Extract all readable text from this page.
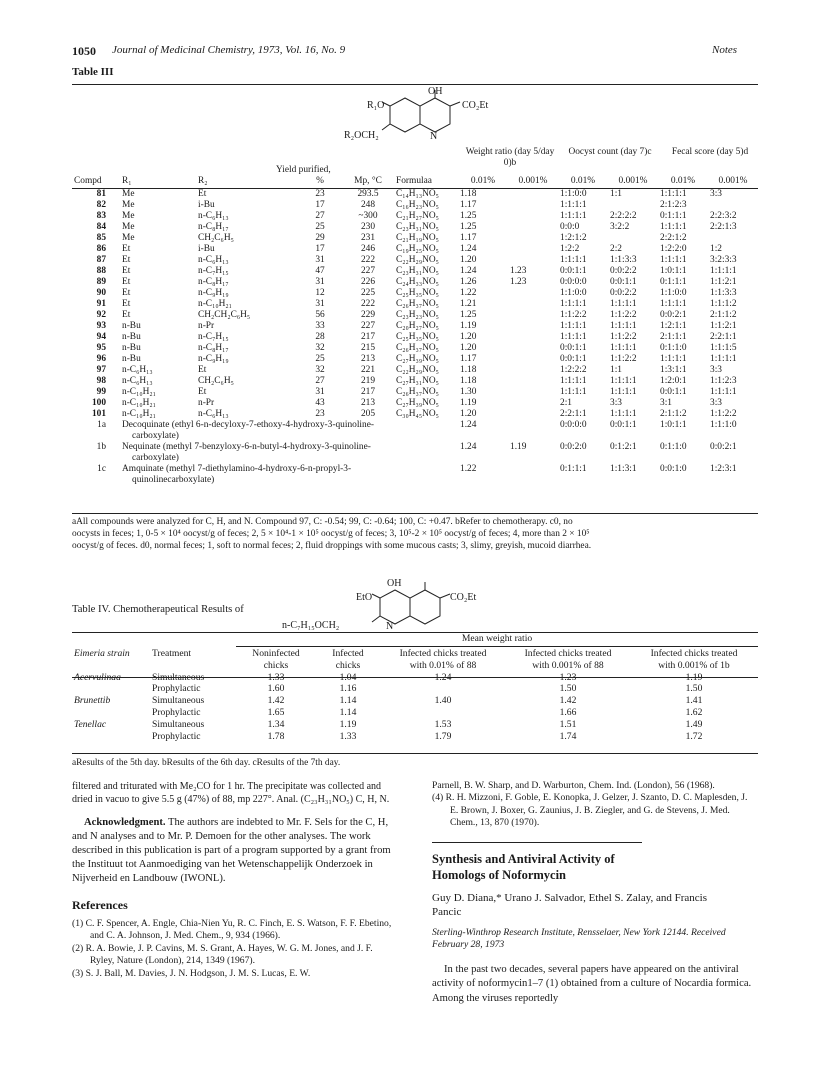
1050 Journal of Medicinal Chemistry, 1973, Vol. 16, No. 9	Notes
Table III
OH
R₁O	CO₂Et
R₂OCH₂	N
Yield purified,
Weight ratio (day 5/day 0)b
Oocyst count (day 7)c	Fecal score (day 5)d
Compd	R₁	R₂	%	Mp, °C	Formulaa	0.01%	0.001%	0.01%	0.001%	0.01%	0.001%
81	Me	Et	23	293.5	C₁₄H₁₃NO₅	1.18		1:1:0:0	1:1	1:1:1:1	3:3
82	Me	i-Bu	17	248	C₁₆H₂₃NO₅	1.17		1:1:1:1		2:1:2:3	
83	Me	n-C₆H₁₃	27	~300	C₂₁H₂₇NO₅	1.25		1:1:1:1	2:2:2:2	0:1:1:1	2:2:3:2
84	Me	n-C₈H₁₇	25	230	C₂₃H₃₁NO₅	1.25		0:0:0	3:2:2	1:1:1:1	2:2:1:3
85	Me	CH₂C₆H₅	29	231	C₂₁H₁₉NO₅	1.17		1:2:1:2		2:2:1:2	
86	Et	i-Bu	17	246	C₁₉H₂₅NO₅	1.24		1:2:2	2:2	1:2:2:0	1:2
87	Et	n-C₆H₁₃	31	222	C₂₂H₂₉NO₅	1.20		1:1:1:1	1:1:3:3	1:1:1:1	3:2:3:3
88	Et	n-C₇H₁₅	47	227	C₂₃H₃₁NO₅	1.24	1.23	0:0:1:1	0:0:2:2	1:0:1:1	1:1:1:1
89	Et	n-C₈H₁₇	31	226	C₂₄H₃₃NO₅	1.26	1.23	0:0:0:0	0:0:1:1	0:1:1:1	1:1:2:1
90	Et	n-C₉H₁₉	12	225	C₂₅H₃₅NO₅	1.22		1:1:0:0	0:0:2:2	1:1:0:0	1:1:3:3
91	Et	n-C₁₀H₂₁	31	222	C₂₆H₃₇NO₅	1.21		1:1:1:1	1:1:1:1	1:1:1:1	1:1:1:2
92	Et	CH₂CH₂C₆H₅	56	229	C₂₃H₂₃NO₅	1.25		1:1:2:2	1:1:2:2	0:0:2:1	2:1:1:2
93	n-Bu	n-Pr	33	227	C₂₀H₂₇NO₅	1.19		1:1:1:1	1:1:1:1	1:2:1:1	1:1:2:1
94	n-Bu	n-C₇H₁₅	28	217	C₂₅H₃₅NO₅	1.20		1:1:1:1	1:1:2:2	2:1:1:1	2:2:1:1
95	n-Bu	n-C₈H₁₇	32	215	C₂₆H₃₇NO₅	1.20		0:0:1:1	1:1:1:1	0:1:1:0	1:1:1:5
96	n-Bu	n-C₉H₁₉	25	213	C₂₇H₃₉NO₅	1.17		0:0:1:1	1:1:2:2	1:1:1:1	1:1:1:1
97	n-C₆H₁₃	Et	32	221	C₂₂H₂₉NO₅	1.18		1:2:2:2	1:1	1:3:1:1	3:3
98	n-C₆H₁₃	CH₂C₆H₅	27	219	C₂₇H₃₁NO₅	1.18		1:1:1:1	1:1:1:1	1:2:0:1	1:1:2:3
99	n-C₁₀H₂₁	Et	31	217	C₂₆H₃₇NO₅	1.30		1:1:1:1	1:1:1:1	0:0:1:1	1:1:1:1
100	n-C₁₀H₂₁	n-Pr	43	213	C₂₇H₃₉NO₅	1.19		2:1	3:3	3:1	3:3
101	n-C₁₀H₂₁	n-C₆H₁₃	23	205	C₃₀H₄₅NO₅	1.20		2:2:1:1	1:1:1:1	2:1:1:2	1:1:2:2
1a	Decoquinate (ethyl 6-n-decyloxy-7-ethoxy-4-hydroxy-3-quinoline-
carboxylate)					1.24		0:0:0:0	0:0:1:1	1:0:1:1	1:1:1:0
1b	Nequinate (methyl 7-benzyloxy-6-n-butyl-4-hydroxy-3-quinoline-
carboxylate)					1.24	1.19	0:0:2:0	0:1:2:1	0:1:1:0	0:0:2:1
1c	Amquinate (methyl 7-diethylamino-4-hydroxy-6-n-propyl-3-
quinolinecarboxylate)					1.22		0:1:1:1	1:1:3:1	0:0:1:0	1:2:3:1
aAll compounds were analyzed for C, H, and N. Compound 97, C: -0.54; 99, C: -0.64; 100, C: +0.47. bRefer to chemotherapy. c0, no
oocysts in feces; 1, 0-5 × 10⁴ oocyst/g of feces; 2, 5 × 10⁴-1 × 10⁵ oocyst/g of feces; 3, 10⁵-2 × 10⁵ oocyst/g of feces; 4, more than 2 × 10⁵
oocyst/g of feces. d0, normal feces; 1, soft to normal feces; 2, fluid droppings with some mucous casts; 3, slimy, greyish, mucoid diarrhea.
OH
EtO	CO₂Et
n-C₇H₁₅OCH₂	N
Table IV. Chemotherapeutical Results of
Mean weight ratio
Eimeria strain	Treatment	Noninfected	Infected	Infected chicks treated	Infected chicks treated	Infected chicks treated
		chicks	chicks	with 0.01% of 88	with 0.001% of 88	with 0.001% of 1b
Acervulinaa	Simultaneous	1.33	1.04	1.24	1.23	1.19
	Prophylactic	1.60	1.16		1.50	1.50
Brunettib	Simultaneous	1.42	1.14	1.40	1.42	1.41
	Prophylactic	1.65	1.14		1.66	1.62
Tenellac	Simultaneous	1.34	1.19	1.53	1.51	1.49
	Prophylactic	1.78	1.33	1.79	1.74	1.72
aResults of the 5th day. bResults of the 6th day. cResults of the 7th day.

filtered and triturated with Me₂CO for 1 hr. The precipitate was collected and dried in vacuo to give 5.5 g (47%) of 88, mp 227°. Anal. (C₂₃H₃₁NO₅) C, H, N.

Acknowledgment. The authors are indebted to Mr. F. Sels for the C, H, and N analyses and to Mr. P. Demoen for the other analyses. The work described in this publication is part of a program supported by a grant from the Instituut tot Aanmoediging van het Wetenschappelijk Onderzoek in Nijverheid en Landbouw (IWONL).

References
(1) C. F. Spencer, A. Engle, Chia-Nien Yu, R. C. Finch, E. S. Watson, F. F. Ebetino, and C. A. Johnson, J. Med. Chem., 9, 934 (1966).
(2) R. A. Bowie, J. P. Cavins, M. S. Grant, A. Hayes, W. G. M. Jones, and J. F. Ryley, Nature (London), 214, 1349 (1967).
(3) S. J. Ball, M. Davies, J. N. Hodgson, J. M. S. Lucas, E. W.
Parnell, B. W. Sharp, and D. Warburton, Chem. Ind. (London), 56 (1968).
(4) R. H. Mizzoni, F. Goble, E. Konopka, J. Gelzer, J. Szanto, D. C. Maplesden, J. E. Brown, J. Boxer, G. Zaunius, J. B. Ziegler, and G. de Stevens, J. Med. Chem., 13, 870 (1970).
Synthesis and Antiviral Activity of Homologs of Noformycin
Guy D. Diana,* Urano J. Salvador, Ethel S. Zalay, and Francis Pancic
Sterling-Winthrop Research Institute, Rensselaer, New York 12144. Received February 28, 1973

In the past two decades, several papers have appeared on the antiviral activity of noformycin1–7 (1) obtained from a culture of Nocardia formica. Among the viruses reportedly
